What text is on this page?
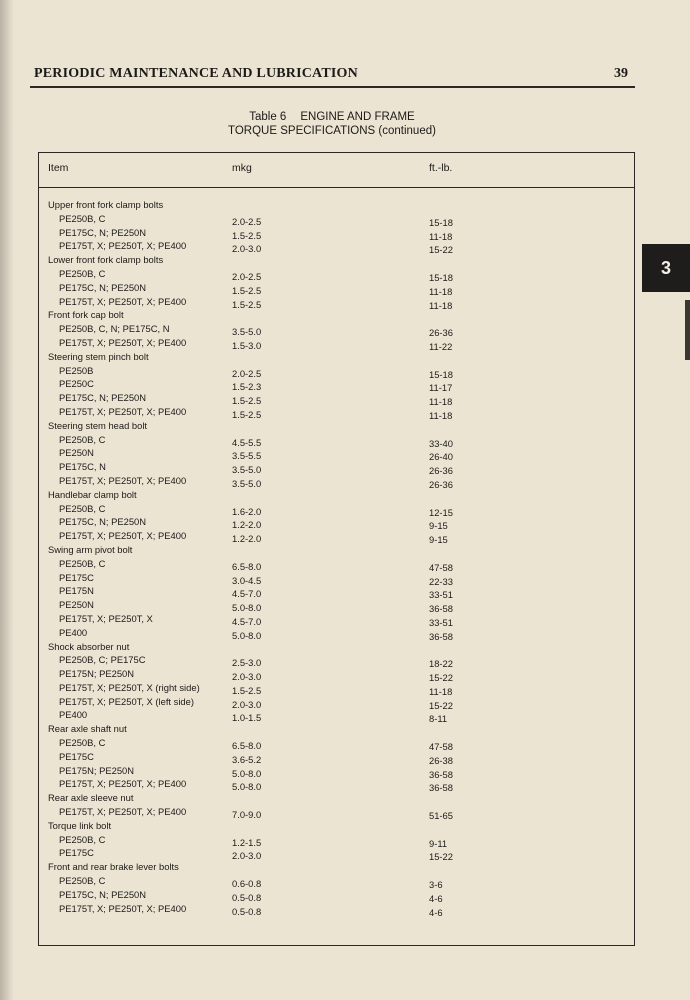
PERIODIC MAINTENANCE AND LUBRICATION	39
3
Table 6 ENGINE AND FRAME
TORQUE SPECIFICATIONS (continued)
Item	mkg	ft.-lb.
Upper front fork clamp bolts
PE250B, C	2.0-2.5	15-18
PE175C, N; PE250N	1.5-2.5	11-18
PE175T, X; PE250T, X; PE400	2.0-3.0	15-22
Lower front fork clamp bolts
PE250B, C	2.0-2.5	15-18
PE175C, N; PE250N	1.5-2.5	11-18
PE175T, X; PE250T, X; PE400	1.5-2.5	11-18
Front fork cap bolt
PE250B, C, N; PE175C, N	3.5-5.0	26-36
PE175T, X; PE250T, X; PE400	1.5-3.0	11-22
Steering stem pinch bolt
PE250B	2.0-2.5	15-18
PE250C	1.5-2.3	11-17
PE175C, N; PE250N	1.5-2.5	11-18
PE175T, X; PE250T, X; PE400	1.5-2.5	11-18
Steering stem head bolt
PE250B, C	4.5-5.5	33-40
PE250N	3.5-5.5	26-40
PE175C, N	3.5-5.0	26-36
PE175T, X; PE250T, X; PE400	3.5-5.0	26-36
Handlebar clamp bolt
PE250B, C	1.6-2.0	12-15
PE175C, N; PE250N	1.2-2.0	9-15
PE175T, X; PE250T, X; PE400	1.2-2.0	9-15
Swing arm pivot bolt
PE250B, C	6.5-8.0	47-58
PE175C	3.0-4.5	22-33
PE175N	4.5-7.0	33-51
PE250N	5.0-8.0	36-58
PE175T, X; PE250T, X	4.5-7.0	33-51
PE400	5.0-8.0	36-58
Shock absorber nut
PE250B, C; PE175C	2.5-3.0	18-22
PE175N; PE250N	2.0-3.0	15-22
PE175T, X; PE250T, X (right side)	1.5-2.5	11-18
PE175T, X; PE250T, X (left side)	2.0-3.0	15-22
PE400	1.0-1.5	8-11
Rear axle shaft nut
PE250B, C	6.5-8.0	47-58
PE175C	3.6-5.2	26-38
PE175N; PE250N	5.0-8.0	36-58
PE175T, X; PE250T, X; PE400	5.0-8.0	36-58
Rear axle sleeve nut
PE175T, X; PE250T, X; PE400	7.0-9.0	51-65
Torque link bolt
PE250B, C	1.2-1.5	9-11
PE175C	2.0-3.0	15-22
Front and rear brake lever bolts
PE250B, C	0.6-0.8	3-6
PE175C, N; PE250N	0.5-0.8	4-6
PE175T, X; PE250T, X; PE400	0.5-0.8	4-6
